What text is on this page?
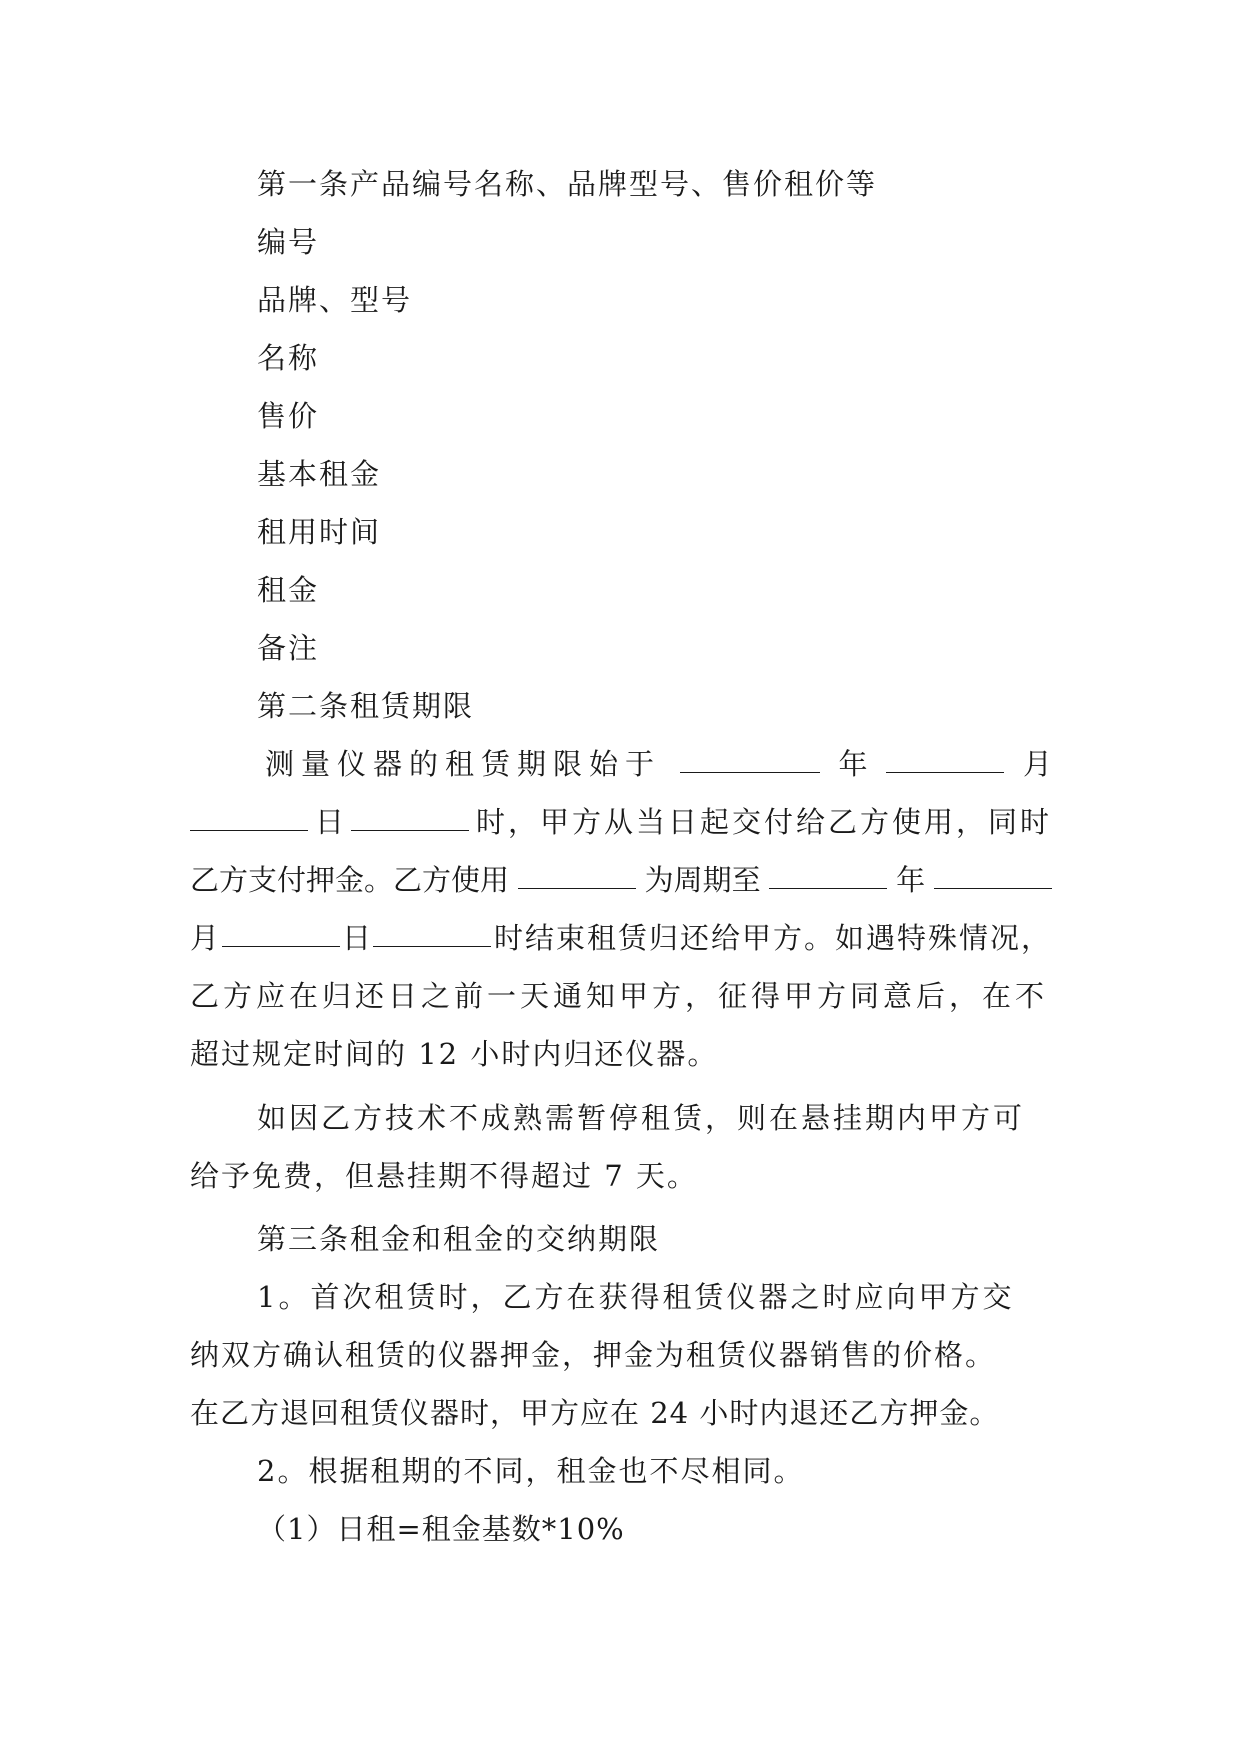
第一条产品编号名称、品牌型号、售价租价等
编号
品牌、型号
名称
售价
基本租金
租用时间
租金
备注
第二条租赁期限
测量仪器的租赁期限始于	年	月
日	时，甲方从当日起交付给乙方使用，同时
乙方支付押金。乙方使用	为周期至	年
月	日	时结束租赁归还给甲方。如遇特殊情况，
乙方应在归还日之前一天通知甲方，征得甲方同意后，在不
超过规定时间的 12 小时内归还仪器。
如因乙方技术不成熟需暂停租赁，则在悬挂期内甲方可
给予免费，但悬挂期不得超过 7 天。
第三条租金和租金的交纳期限
1。首次租赁时，乙方在获得租赁仪器之时应向甲方交
纳双方确认租赁的仪器押金，押金为租赁仪器销售的价格。
在乙方退回租赁仪器时，甲方应在 24 小时内退还乙方押金。
2。根据租期的不同，租金也不尽相同。
（1）日租=租金基数*10%
